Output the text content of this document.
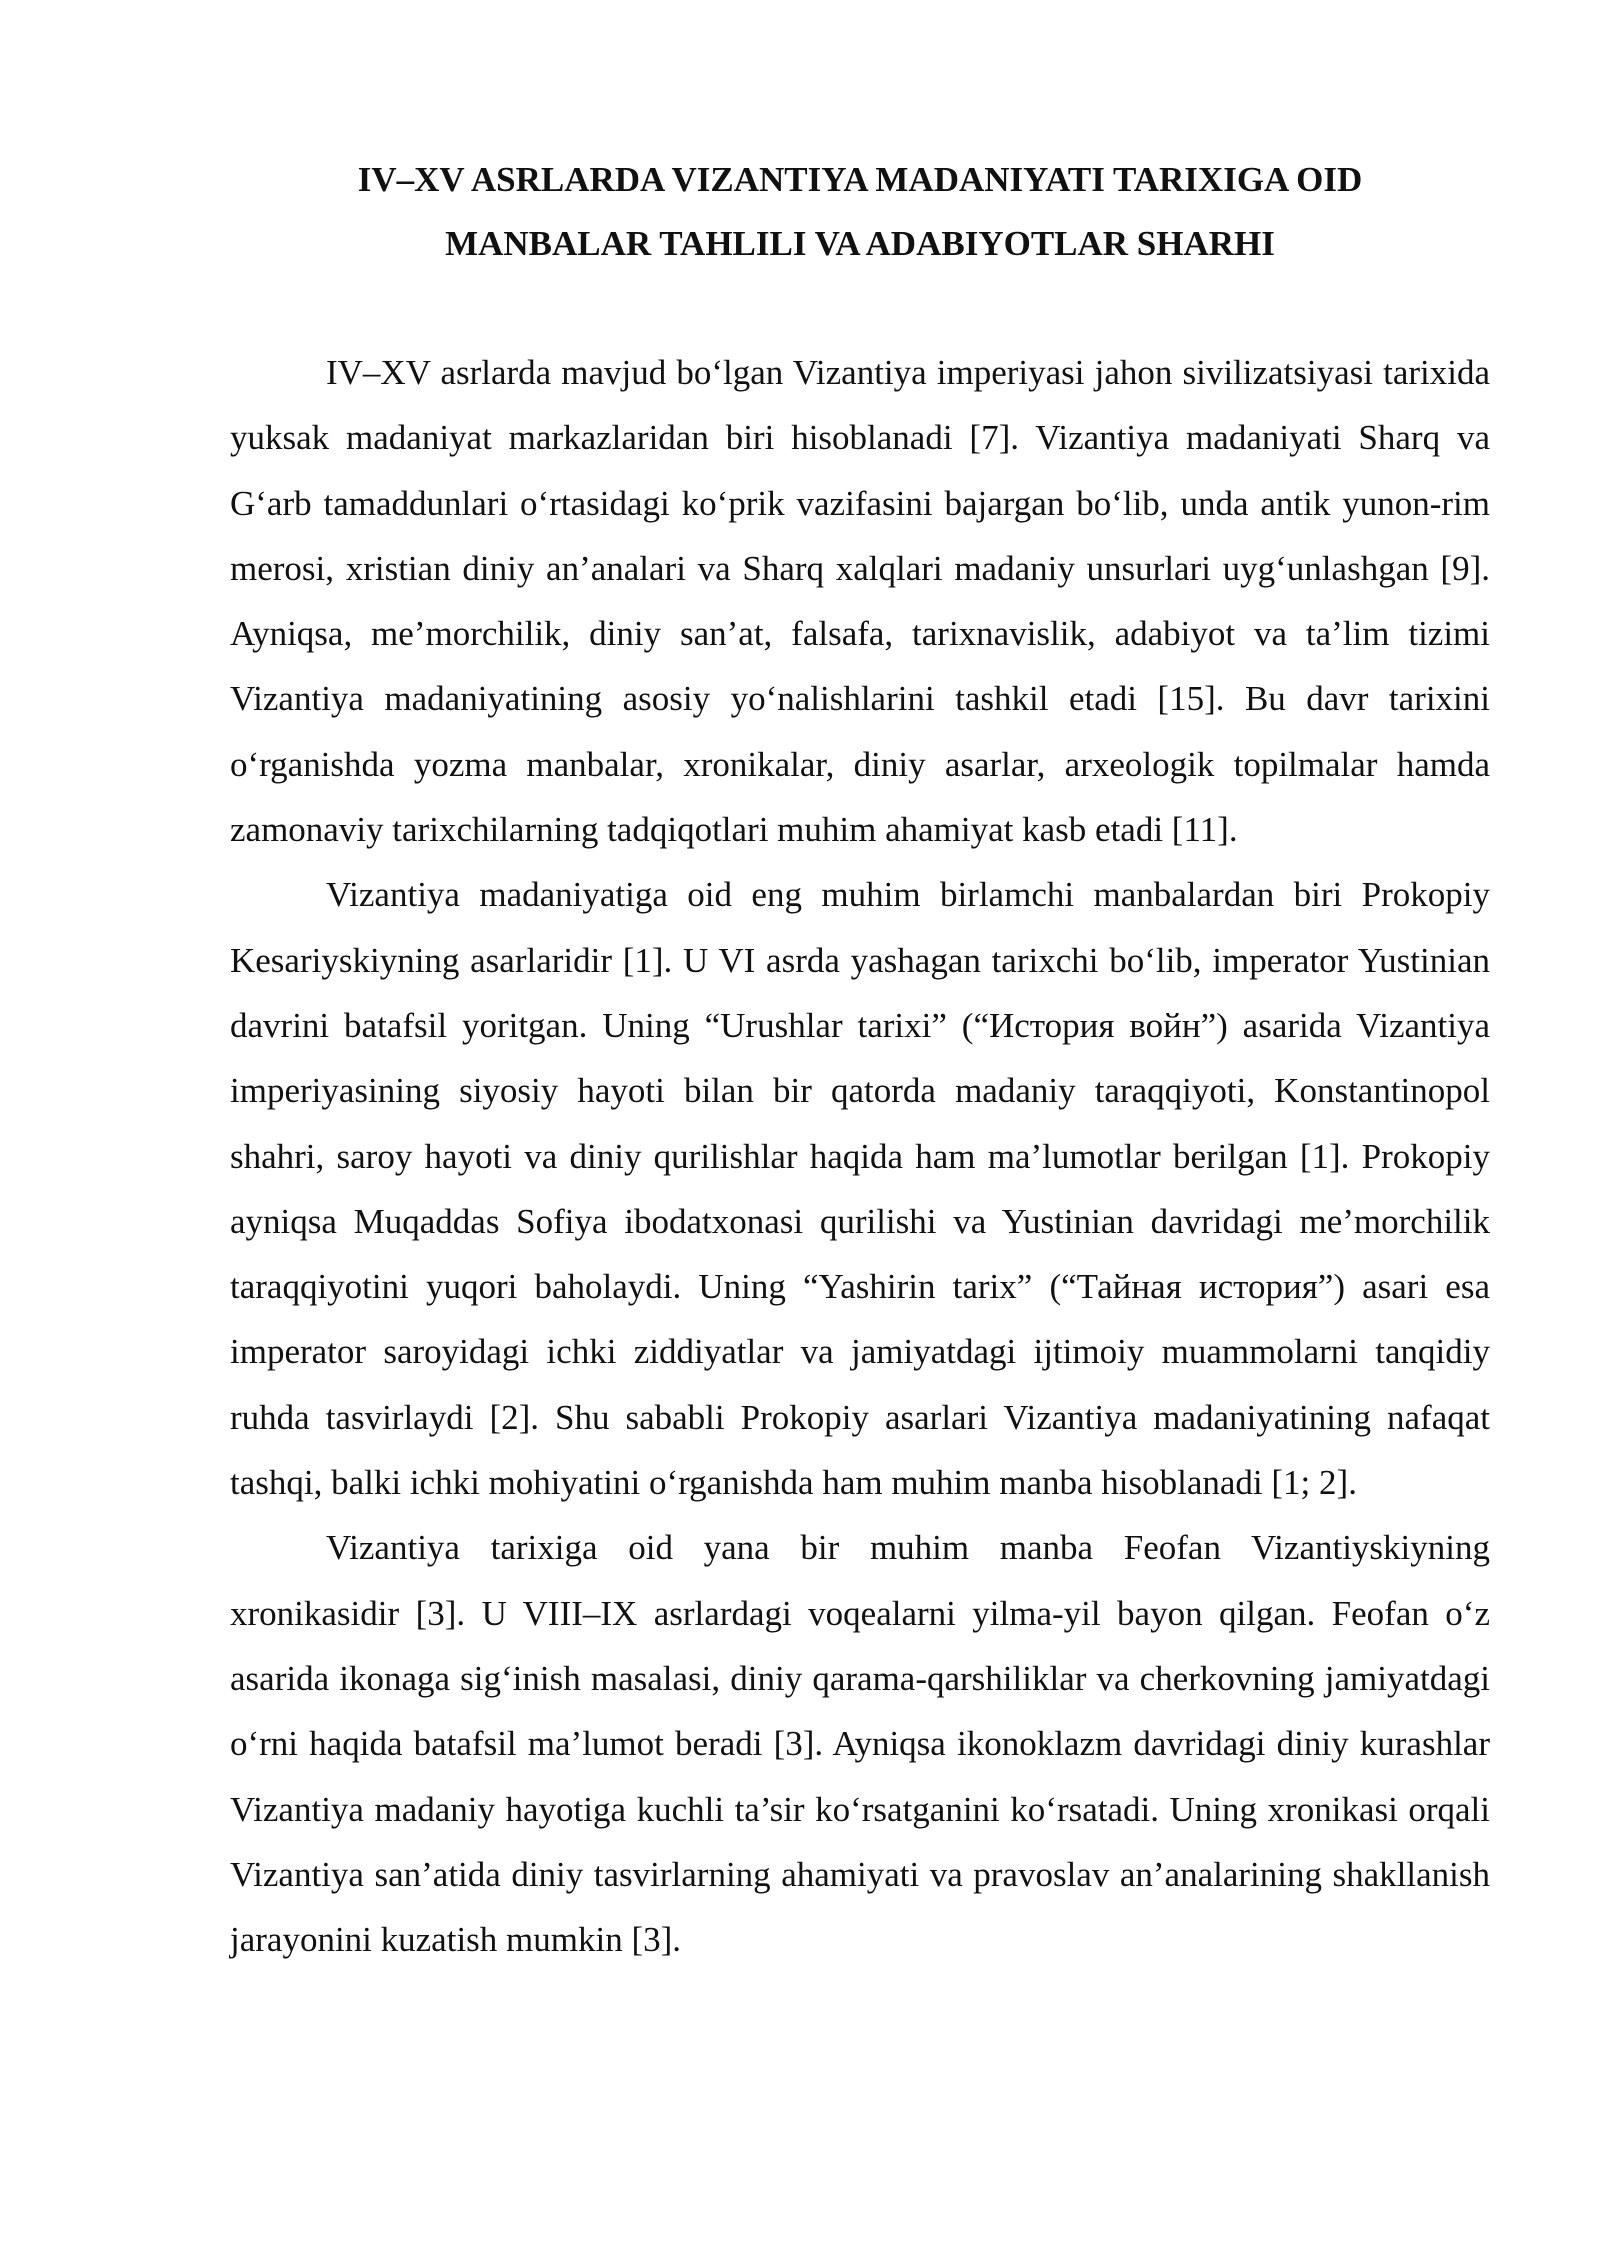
IV–XV ASRLARDA VIZANTIYA MADANIYATI TARIXIGA OID
MANBALAR TAHLILI VA ADABIYOTLAR SHARHI

IV–XV asrlarda mavjud boʻlgan Vizantiya imperiyasi jahon sivilizatsiyasi tarixida yuksak madaniyat markazlaridan biri hisoblanadi [7]. Vizantiya madaniyati Sharq va Gʻarb tamaddunlari oʻrtasidagi koʻprik vazifasini bajargan boʻlib, unda antik yunon-rim merosi, xristian diniy an’analari va Sharq xalqlari madaniy unsurlari uygʻunlashgan [9]. Ayniqsa, me’morchilik, diniy san’at, falsafa, tarixnavislik, adabiyot va ta’lim tizimi Vizantiya madaniyatining asosiy yoʻnalishlarini tashkil etadi [15]. Bu davr tarixini oʻrganishda yozma manbalar, xronikalar, diniy asarlar, arxeologik topilmalar hamda zamonaviy tarixchilarning tadqiqotlari muhim ahamiyat kasb etadi [11].

Vizantiya madaniyatiga oid eng muhim birlamchi manbalardan biri Prokopiy Kesariyskiyning asarlaridir [1]. U VI asrda yashagan tarixchi boʻlib, imperator Yustinian davrini batafsil yoritgan. Uning “Urushlar tarixi” (“История войн”) asarida Vizantiya imperiyasining siyosiy hayoti bilan bir qatorda madaniy taraqqiyoti, Konstantinopol shahri, saroy hayoti va diniy qurilishlar haqida ham ma’lumotlar berilgan [1]. Prokopiy ayniqsa Muqaddas Sofiya ibodatxonasi qurilishi va Yustinian davridagi me’morchilik taraqqiyotini yuqori baholaydi. Uning “Yashirin tarix” (“Тайная история”) asari esa imperator saroyidagi ichki ziddiyatlar va jamiyatdagi ijtimoiy muammolarni tanqidiy ruhda tasvirlaydi [2]. Shu sababli Prokopiy asarlari Vizantiya madaniyatining nafaqat tashqi, balki ichki mohiyatini oʻrganishda ham muhim manba hisoblanadi [1; 2].

Vizantiya tarixiga oid yana bir muhim manba Feofan Vizantiyskiyning xronikasidir [3]. U VIII–IX asrlardagi voqealarni yilma-yil bayon qilgan. Feofan oʻz asarida ikonaga sigʻinish masalasi, diniy qarama-qarshiliklar va cherkovning jamiyatdagi oʻrni haqida batafsil ma’lumot beradi [3]. Ayniqsa ikonoklazm davridagi diniy kurashlar Vizantiya madaniy hayotiga kuchli ta’sir koʻrsatganini koʻrsatadi. Uning xronikasi orqali Vizantiya san’atida diniy tasvirlarning ahamiyati va pravoslav an’analarining shakllanish jarayonini kuzatish mumkin [3].
